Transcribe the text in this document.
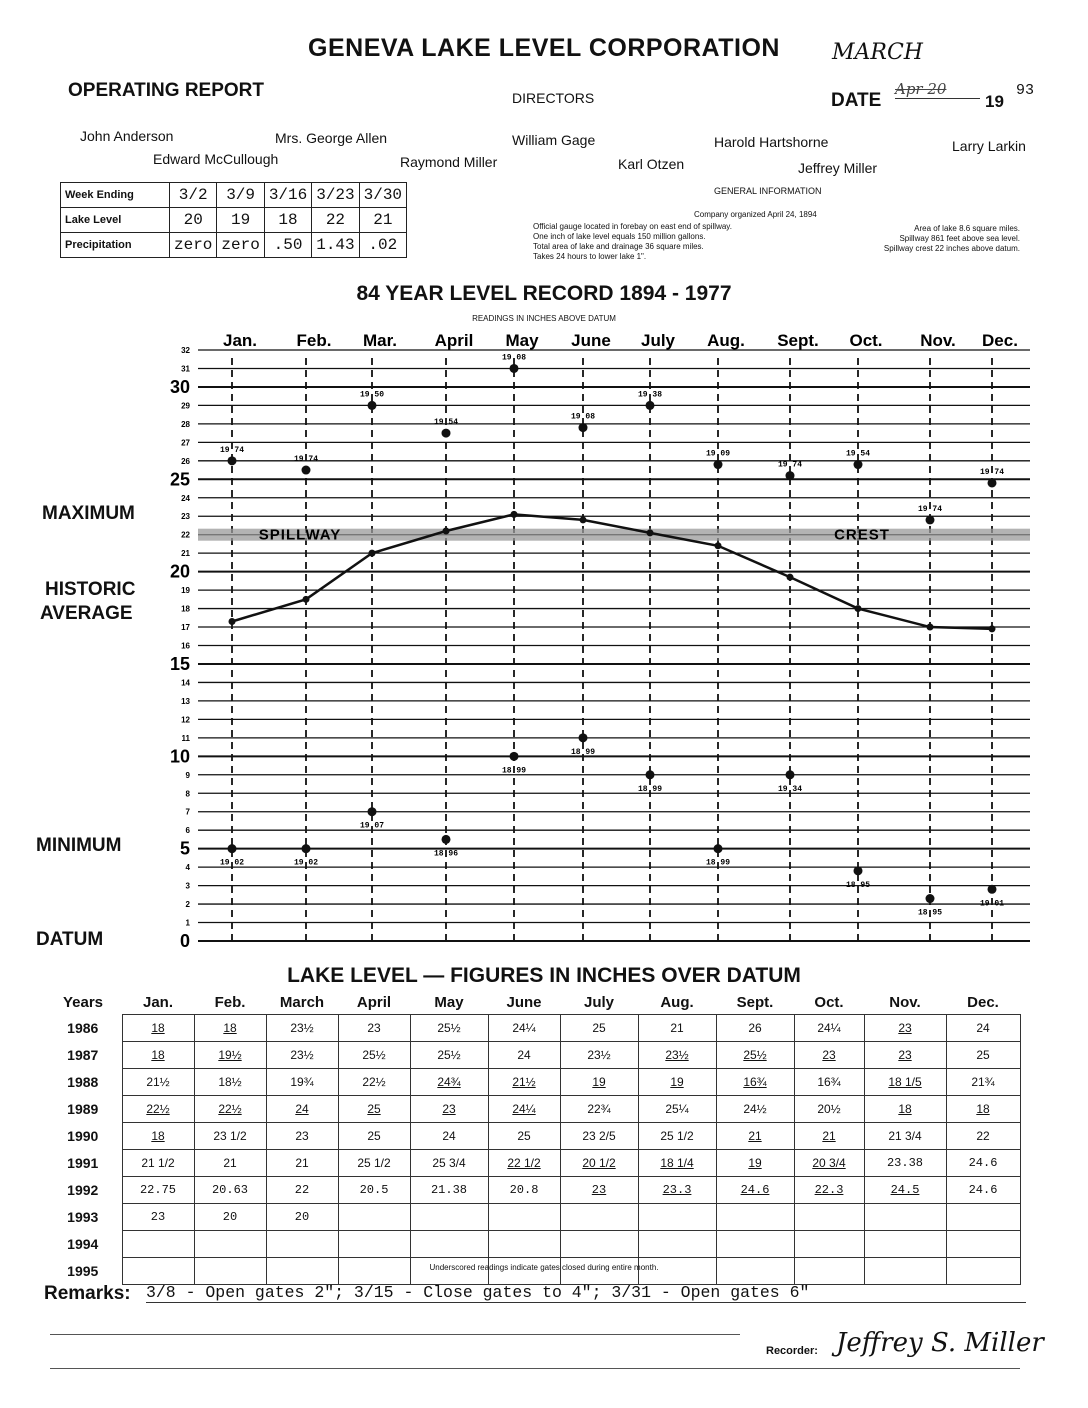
GENEVA LAKE LEVEL CORPORATION	MARCH
OPERATING REPORT	DIRECTORS	DATE
Apr 20
19
93
John Anderson	Mrs. George Allen	William Gage	Harold Hartshorne	Larry Larkin
Edward McCullough	Raymond Miller	Karl Otzen	Jeffrey Miller
Week Ending	3/2	3/9	3/16	3/23	3/30
Lake Level	20	19	18	22	21
Precipitation	zero	zero	.50	1.43	.02
GENERAL INFORMATION
Company organized April 24, 1894
Official gauge located in forebay on east end of spillway.
One inch of lake level equals 150 million gallons.
Total area of lake and drainage 36 square miles.
Takes 24 hours to lower lake 1".
Area of lake 8.6 square miles.
Spillway 861 feet above sea level.
Spillway crest 22 inches above datum.
84 YEAR LEVEL RECORD 1894 - 1977
READINGS IN INCHES ABOVE DATUM
MAXIMUM
HISTORIC
AVERAGE
MINIMUM
DATUM	0
1
2
3
4
5
6
7
8
9
10
11
12
13
14
15
16
17
18
19
20
21
22
23
24
25
26
27
28
29
30
31
32
Jan. Feb. Mar. April May June July Aug. Sept. Oct. Nov. Dec.
SPILLWAY	CREST
19 74
19 74
19 50
19 54
19 08
19 08
19 38
19 09
19 74
19 54
19 74
19 74
19 02	19 02
19 07
18 96
18 99
18 99
18 99
18 99
19 34
18 95
18 95
19 01
LAKE LEVEL — FIGURES IN INCHES OVER DATUM
Years	Jan.	Feb.	March	April	May	June	July	Aug.	Sept.	Oct.	Nov.	Dec.
1986	18	18	23½	23	25½	24¼	25	21	26	24¼	23	24
1987	18	19½	23½	25½	25½	24	23½	23½	25½	23	23	25
1988	21½	18½	19¾	22½	24¾	21½	19	19	16¾	16¾	18 1/5	21¾
1989	22½	22½	24	25	23	24¼	22¾	25¼	24½	20½	18	18
1990	18	23 1/2	23	25	24	25	23 2/5	25 1/2	21	21	21 3/4	22
1991	21 1/2	21	21	25 1/2	25 3/4	22 1/2	20 1/2	18 1/4	19	20 3/4	23.38	24.6
1992	22.75	20.63	22	20.5	21.38	20.8	23	23.3	24.6	22.3	24.5	24.6
1993	23	20	20									
1994												
1995													Underscored readings indicate gates closed during entire month.
Remarks: 3/8 - Open gates 2"; 3/15 - Close gates to 4"; 3/31 - Open gates 6"
Recorder: Jeffrey S. Miller
